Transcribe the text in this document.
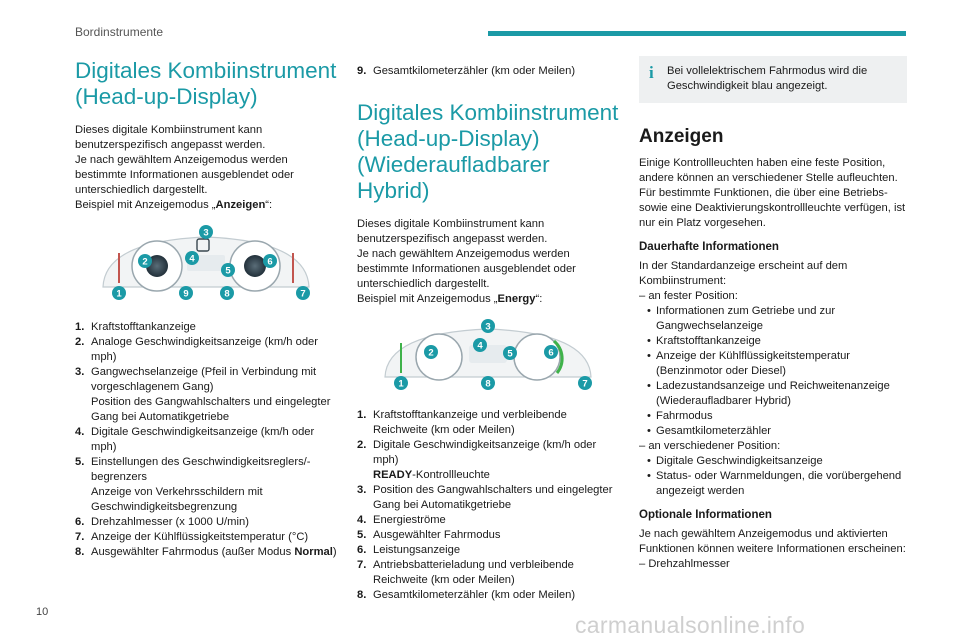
Bordinstrumente
Digitales Kombiinstrument (Head-up-Display)

Dieses digitale Kombiinstrument kann benutzerspezifisch angepasst werden.

Je nach gewähltem Anzeigemodus werden bestimmte Informationen ausgeblendet oder unterschiedlich dargestellt.

Beispiel mit Anzeigemodus „Anzeigen“:

1
2
3
4
5
6
7
8
9
1. Kraftstofftankanzeige
2. Analoge Geschwindigkeitsanzeige (km/h oder mph)
3. Gangwechselanzeige (Pfeil in Verbindung mit vorgeschlagenem Gang)
Position des Gangwahlschalters und eingelegter Gang bei Automatikgetriebe
4. Digitale Geschwindigkeitsanzeige (km/h oder mph)
5. Einstellungen des Geschwindigkeitsreglers/-begrenzers
Anzeige von Verkehrsschildern mit Geschwindigkeitsbegrenzung
6. Drehzahlmesser (x 1000 U/min)
7. Anzeige der Kühlflüssigkeitstemperatur (°C)
8. Ausgewählter Fahrmodus (außer Modus Normal)
9. Gesamtkilometerzähler (km oder Meilen)
Digitales Kombiinstrument (Head-up-Display) (Wiederaufladbarer Hybrid)

Dieses digitale Kombiinstrument kann benutzerspezifisch angepasst werden.

Je nach gewähltem Anzeigemodus werden bestimmte Informationen ausgeblendet oder unterschiedlich dargestellt.

Beispiel mit Anzeigemodus „Energy“:

1
2
3
4
5	6
7
8
1. Kraftstofftankanzeige und verbleibende Reichweite (km oder Meilen)
2. Digitale Geschwindigkeitsanzeige (km/h oder mph)

READY-Kontrollleuchte

3. Position des Gangwahlschalters und eingelegter Gang bei Automatikgetriebe
4. Energieströme
5. Ausgewählter Fahrmodus
6. Leistungsanzeige
7. Antriebsbatterieladung und verbleibende Reichweite (km oder Meilen)
8. Gesamtkilometerzähler (km oder Meilen)
i	Bei vollelektrischem Fahrmodus wird die Geschwindigkeit blau angezeigt.
Anzeigen

Einige Kontrollleuchten haben eine feste Position, andere können an verschiedener Stelle aufleuchten. Für bestimmte Funktionen, die über eine Betriebs- sowie eine Deaktivierungskontrollleuchte verfügen, ist nur ein Platz vorgesehen.

Dauerhafte Informationen

In der Standardanzeige erscheint auf dem Kombiinstrument:

– an fester Position:
• Informationen zum Getriebe und zur Gangwechselanzeige
• Kraftstofftankanzeige
• Anzeige der Kühlflüssigkeitstemperatur (Benzinmotor oder Diesel)
• Ladezustandsanzeige und Reichweitenanzeige (Wiederaufladbarer Hybrid)
• Fahrmodus
• Gesamtkilometerzähler
– an verschiedener Position:
• Digitale Geschwindigkeitsanzeige
• Status- oder Warnmeldungen, die vorübergehend angezeigt werden
Optionale Informationen

Je nach gewähltem Anzeigemodus und aktivierten Funktionen können weitere Informationen erscheinen:

– Drehzahlmesser
10	carmanualsonline.info
